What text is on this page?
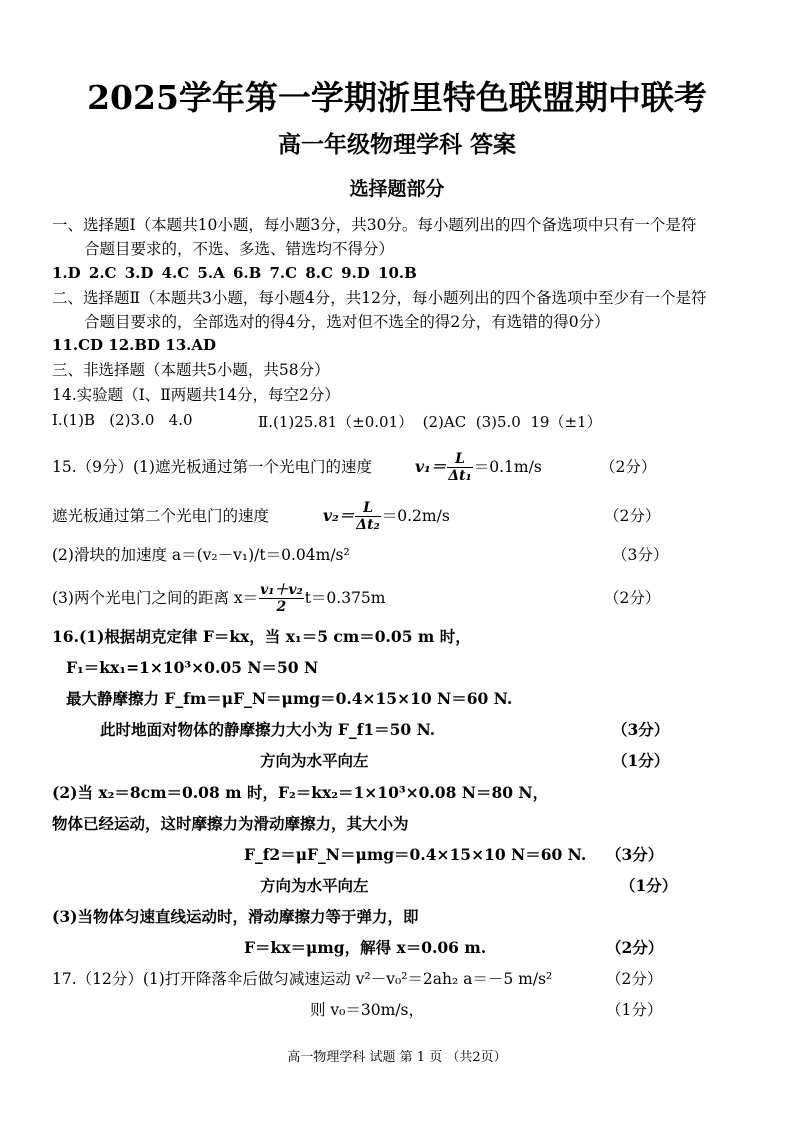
2025学年第一学期浙里特色联盟期中联考
高一年级物理学科 答案
选择题部分
一、选择题Ⅰ（本题共10小题，每小题3分，共30分。每小题列出的四个备选项中只有一个是符
合题目要求的，不选、多选、错选均不得分）
1.D 2.C 3.D 4.C 5.A 6.B 7.C 8.C 9.D 10.B
二、选择题Ⅱ（本题共3小题，每小题4分，共12分，每小题列出的四个备选项中至少有一个是符
合题目要求的，全部选对的得4分，选对但不选全的得2分，有选错的得0分）
11.CD 12.BD 13.AD
三、非选择题（本题共5小题，共58分）
14.实验题（Ⅰ、Ⅱ两题共14分，每空2分）
Ⅰ.(1)B   (2)3.0   4.0	Ⅱ.(1)25.81（±0.01）  (2)AC  (3)5.0  19（±1）
15.（9分）(1)遮光板通过第一个光电门的速度	$v_1= \frac{L}{\text{Δt₁}} =0.1m/s$	（2分）
遮光板通过第二个光电门的速度	$v_2= \frac{L}{\text{Δt₂}} =0.2m/s$	（2分）
(2)滑块的加速度 a＝(v₂－v₁)/t＝0.04m/s²	（3分）
(3)两个光电门之间的距离 $x= \frac{\text{v₁＋v₂}}{2} t=0.375m$	（2分）
16.(1)根据胡克定律 F＝kx，当 x₁＝5 cm＝0.05 m 时，
F₁＝kx₁=1×10³×0.05 N＝50 N
最大静摩擦力 F_fm＝μF_N＝μmg＝0.4×15×10 N＝60 N.
此时地面对物体的静摩擦力大小为 F_f1＝50 N.	（3分）
方向为水平向左	（1分）
(2)当 x₂＝8cm＝0.08 m 时，F₂＝kx₂＝1×10³×0.08 N＝80 N，
物体已经运动，这时摩擦力为滑动摩擦力，其大小为
F_f2＝μF_N＝μmg＝0.4×15×10 N＝60 N. （3分）
方向为水平向左	（1分）
(3)当物体匀速直线运动时，滑动摩擦力等于弹力，即
F＝kx＝μmg，解得 x＝0.06 m.	（2分）
17.（12分）(1)打开降落伞后做匀减速运动 v²－v₀²＝2ah₂ a＝－5 m/s²	（2分）
则 v₀＝30m/s，	（1分）
高一物理学科 试题 第 1 页 （共2页）
